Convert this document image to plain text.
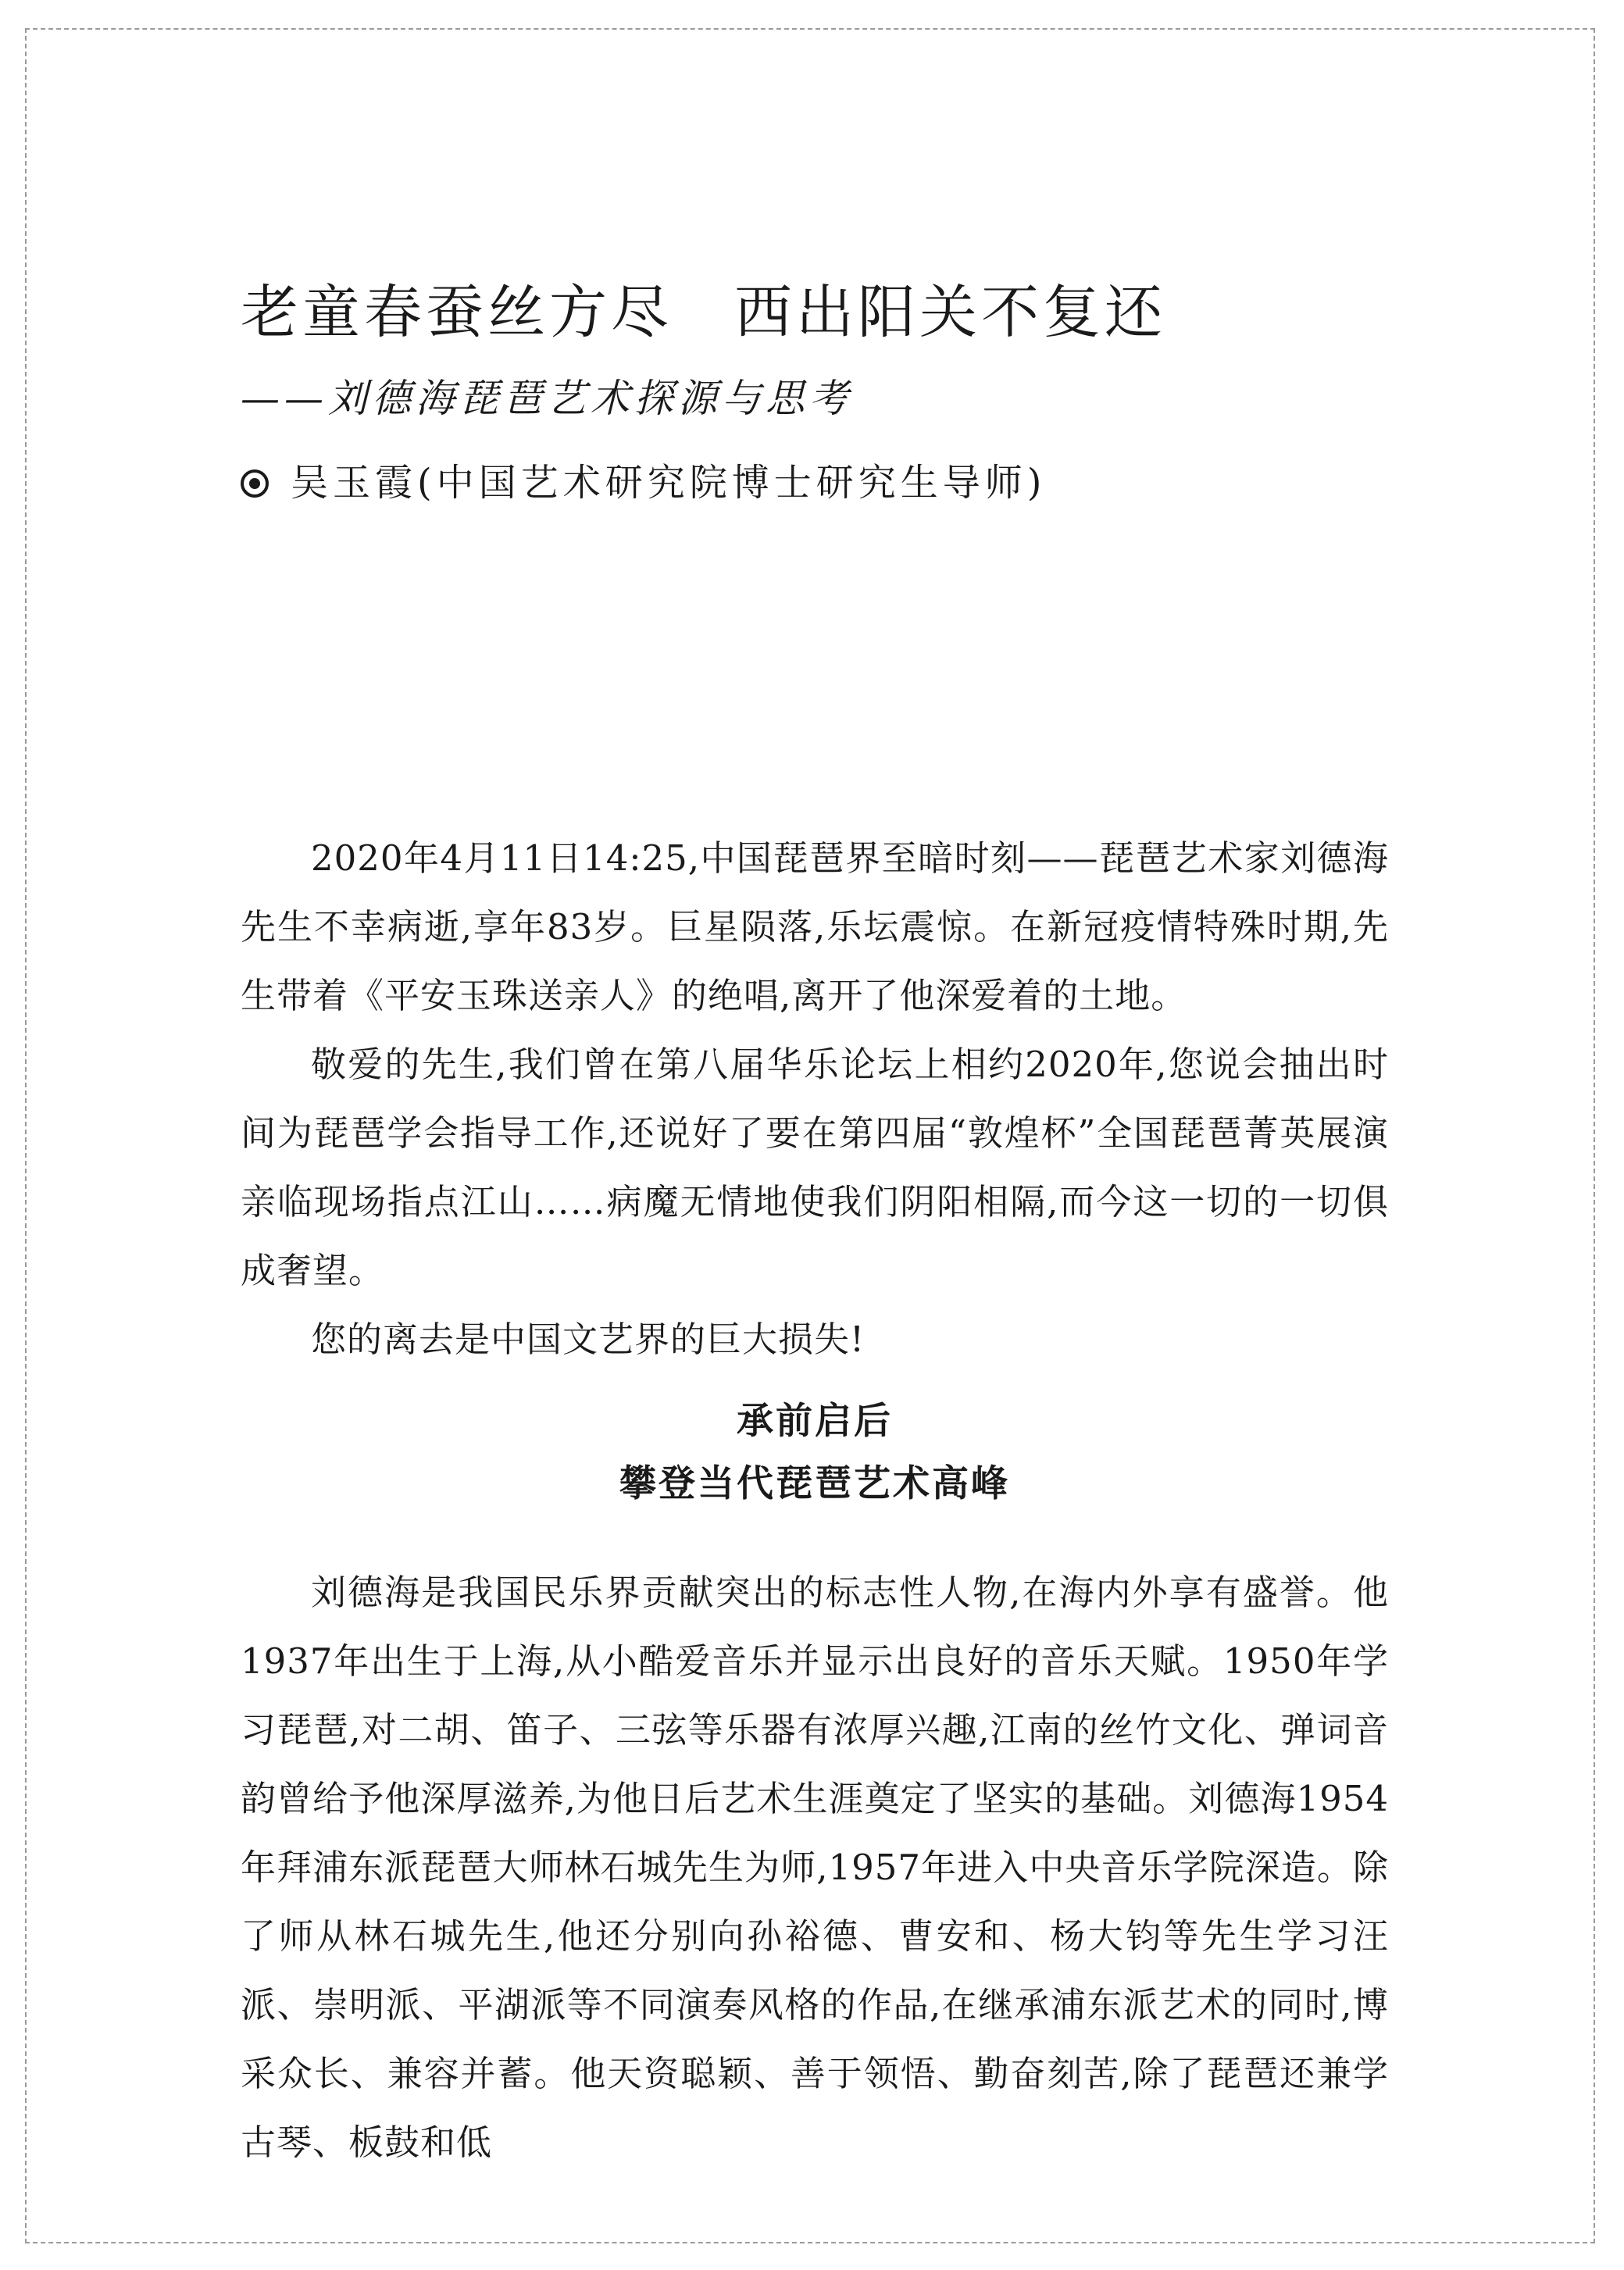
老童春蚕丝方尽　西出阳关不复还
——刘德海琵琶艺术探源与思考
吴玉霞(中国艺术研究院博士研究生导师)

2020年4月11日14:25,中国琵琶界至暗时刻——琵琶艺术家刘德海先生不幸病逝,享年83岁。巨星陨落,乐坛震惊。在新冠疫情特殊时期,先生带着《平安玉珠送亲人》的绝唱,离开了他深爱着的土地。

敬爱的先生,我们曾在第八届华乐论坛上相约2020年,您说会抽出时间为琵琶学会指导工作,还说好了要在第四届“敦煌杯”全国琵琶菁英展演亲临现场指点江山……病魔无情地使我们阴阳相隔,而今这一切的一切俱成奢望。

您的离去是中国文艺界的巨大损失!

承前启后
攀登当代琵琶艺术高峰

刘德海是我国民乐界贡献突出的标志性人物,在海内外享有盛誉。他1937年出生于上海,从小酷爱音乐并显示出良好的音乐天赋。1950年学习琵琶,对二胡、笛子、三弦等乐器有浓厚兴趣,江南的丝竹文化、弹词音韵曾给予他深厚滋养,为他日后艺术生涯奠定了坚实的基础。刘德海1954年拜浦东派琵琶大师林石城先生为师,1957年进入中央音乐学院深造。除了师从林石城先生,他还分别向孙裕德、曹安和、杨大钧等先生学习汪派、崇明派、平湖派等不同演奏风格的作品,在继承浦东派艺术的同时,博采众长、兼容并蓄。他天资聪颖、善于领悟、勤奋刻苦,除了琵琶还兼学古琴、板鼓和低
